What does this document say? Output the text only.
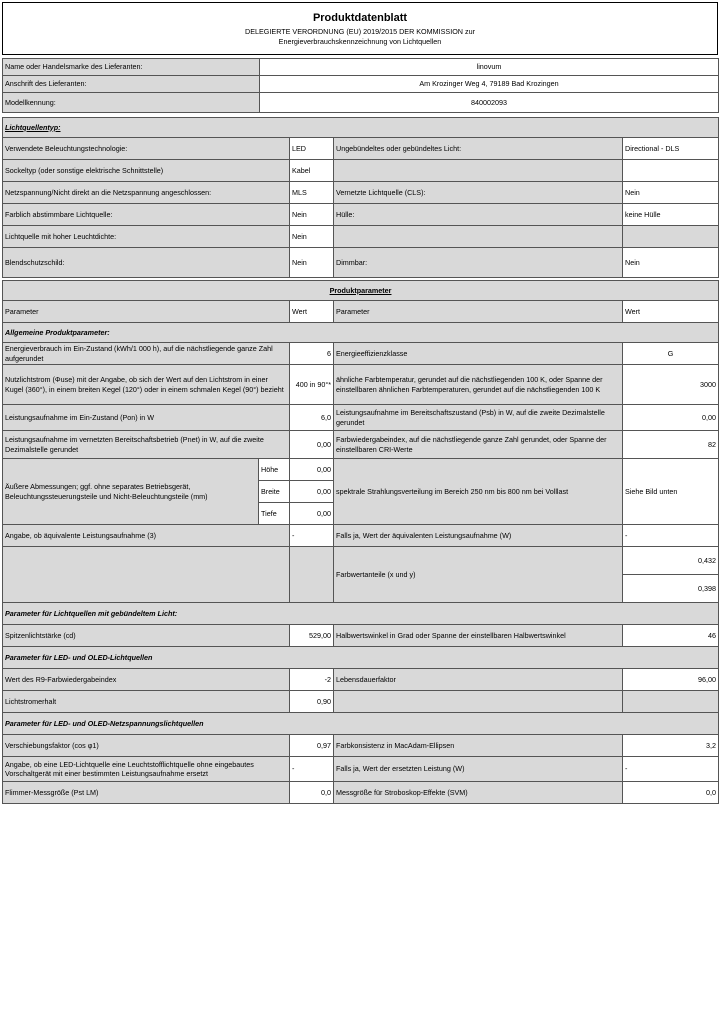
Produktdatenblatt
DELEGIERTE VERORDNUNG (EU) 2019/2015 DER KOMMISSION zur
Energieverbrauchskennzeichnung von Lichtquellen
Name oder Handelsmarke des Lieferanten:	linovum
Anschrift des Lieferanten:	Am Krozinger Weg 4, 79189 Bad Krozingen
Modellkennung:	840002093
Lichtquellentyp:			
Verwendete Beleuchtungstechnologie:	LED	Ungebündeltes oder gebündeltes Licht:	Directional - DLS
Sockeltyp (oder sonstige elektrische Schnittstelle)	Kabel		
Netzspannung/Nicht direkt an die Netzspannung angeschlossen:	MLS	Vernetzte Lichtquelle (CLS):	Nein
Farblich abstimmbare Lichtquelle:	Nein	Hülle:	keine Hülle
Lichtquelle mit hoher Leuchtdichte:	Nein		
Blendschutzschild:	Nein	Dimmbar:	Nein
Produktparameter				
Parameter		Wert	Parameter	Wert
Allgemeine Produktparameter:				
Energieverbrauch im Ein-Zustand (kWh/1 000 h), auf die nächstliegende ganze Zahl aufgerundet		6	Energieeffizienzklasse	G
Nutzlichtstrom (Φuse) mit der Angabe, ob sich der Wert auf den Lichtstrom in einer Kugel (360°), in einem breiten Kegel (120°) oder in einem schmalen Kegel (90°) bezieht		400 in 90°*	ähnliche Farbtemperatur, gerundet auf die nächstliegenden 100 K, oder Spanne der einstellbaren ähnlichen Farbtemperaturen, gerundet auf die nächstliegenden 100 K	3000
Leistungsaufnahme im Ein-Zustand (Pon) in W		6,0	Leistungsaufnahme im Bereitschaftszustand (Psb) in W, auf die zweite Dezimalstelle gerundet	0,00
Leistungsaufnahme im vernetzten Bereitschaftsbetrieb (Pnet) in W, auf die zweite Dezimalstelle gerundet		0,00	Farbwiedergabeindex, auf die nächstliegende ganze Zahl gerundet, oder Spanne der einstellbaren CRI-Werte	82
Äußere Abmessungen; ggf. ohne separates Betriebsgerät, Beleuchtungssteuerungsteile und Nicht-Beleuchtungsteile (mm)	Höhe	0,00	spektrale Strahlungsverteilung im Bereich 250 nm bis 800 nm bei Volllast	Siehe Bild unten
	Breite	0,00		
	Tiefe	0,00		
Angabe, ob äquivalente Leistungsaufnahme (3)		-	Falls ja, Wert der äquivalenten Leistungsaufnahme (W)	-
			Farbwertanteile (x und y)	0,432
				0,398
Parameter für Lichtquellen mit gebündeltem Licht:				
Spitzenlichtstärke (cd)		529,00	Halbwertswinkel in Grad oder Spanne der einstellbaren Halbwertswinkel	46
Parameter für LED- und OLED-Lichtquellen				
Wert des R9-Farbwiedergabeindex		-2	Lebensdauerfaktor	96,00
Lichtstromerhalt		0,90		
Parameter für LED- und OLED-Netzspannungslichtquellen				
Verschiebungsfaktor (cos φ1)		0,97	Farbkonsistenz in MacAdam-Ellipsen	3,2
Angabe, ob eine LED-Lichtquelle eine Leuchtstofflichtquelle ohne eingebautes Vorschaltgerät mit einer bestimmten Leistungsaufnahme ersetzt		-	Falls ja, Wert der ersetzten Leistung (W)	-
Flimmer-Messgröße (Pst LM)		0,0	Messgröße für Stroboskop-Effekte (SVM)	0,0
